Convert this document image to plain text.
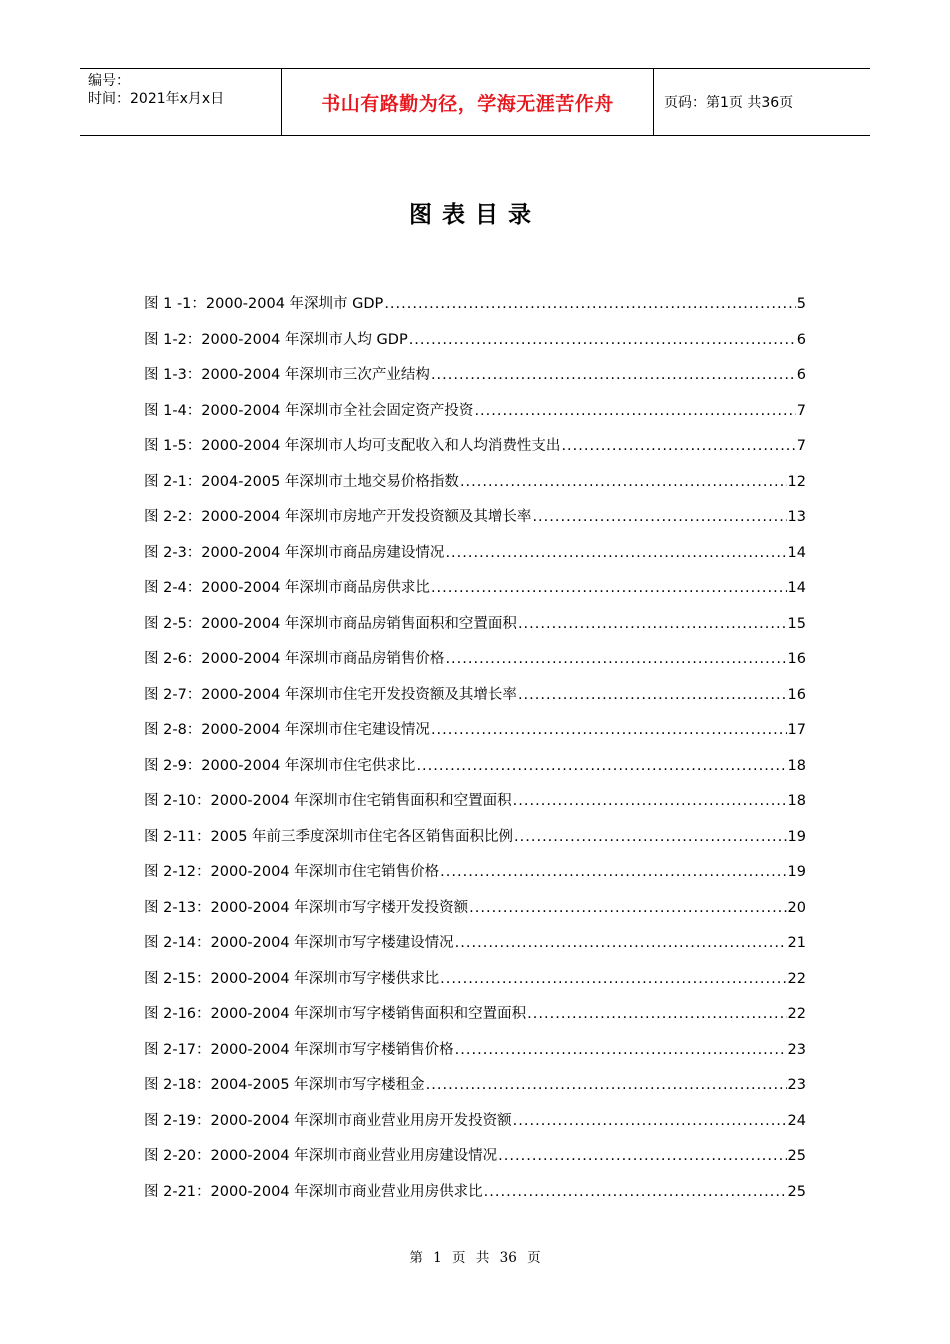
编号：
时间：2021年x月x日	书山有路勤为径，学海无涯苦作舟	页码：第1页 共36页
图表目录
图 1 -1：2000-2004 年深圳市 GDP .....	5
图 1-2：2000-2004 年深圳市人均 GDP .....	6
图 1-3：2000-2004 年深圳市三次产业结构 .....	6
图 1-4：2000-2004 年深圳市全社会固定资产投资 .....	7
图 1-5：2000-2004 年深圳市人均可支配收入和人均消费性支出 .....	7
图 2-1：2004-2005 年深圳市土地交易价格指数 .....	12
图 2-2：2000-2004 年深圳市房地产开发投资额及其增长率 .....	13
图 2-3：2000-2004 年深圳市商品房建设情况 .....	14
图 2-4：2000-2004 年深圳市商品房供求比 .....	14
图 2-5：2000-2004 年深圳市商品房销售面积和空置面积 .....	15
图 2-6：2000-2004 年深圳市商品房销售价格 .....	16
图 2-7：2000-2004 年深圳市住宅开发投资额及其增长率 .....	16
图 2-8：2000-2004 年深圳市住宅建设情况 .....	17
图 2-9：2000-2004 年深圳市住宅供求比 .....	18
图 2-10：2000-2004 年深圳市住宅销售面积和空置面积 .....	18
图 2-11：2005 年前三季度深圳市住宅各区销售面积比例 .....	19
图 2-12：2000-2004 年深圳市住宅销售价格 .....	19
图 2-13：2000-2004 年深圳市写字楼开发投资额 .....	20
图 2-14：2000-2004 年深圳市写字楼建设情况 .....	21
图 2-15：2000-2004 年深圳市写字楼供求比 .....	22
图 2-16：2000-2004 年深圳市写字楼销售面积和空置面积 .....	22
图 2-17：2000-2004 年深圳市写字楼销售价格 .....	23
图 2-18：2004-2005 年深圳市写字楼租金 .....	23
图 2-19：2000-2004 年深圳市商业营业用房开发投资额 .....	24
图 2-20：2000-2004 年深圳市商业营业用房建设情况 .....	25
图 2-21：2000-2004 年深圳市商业营业用房供求比 .....	25
第 1 页 共 36 页
